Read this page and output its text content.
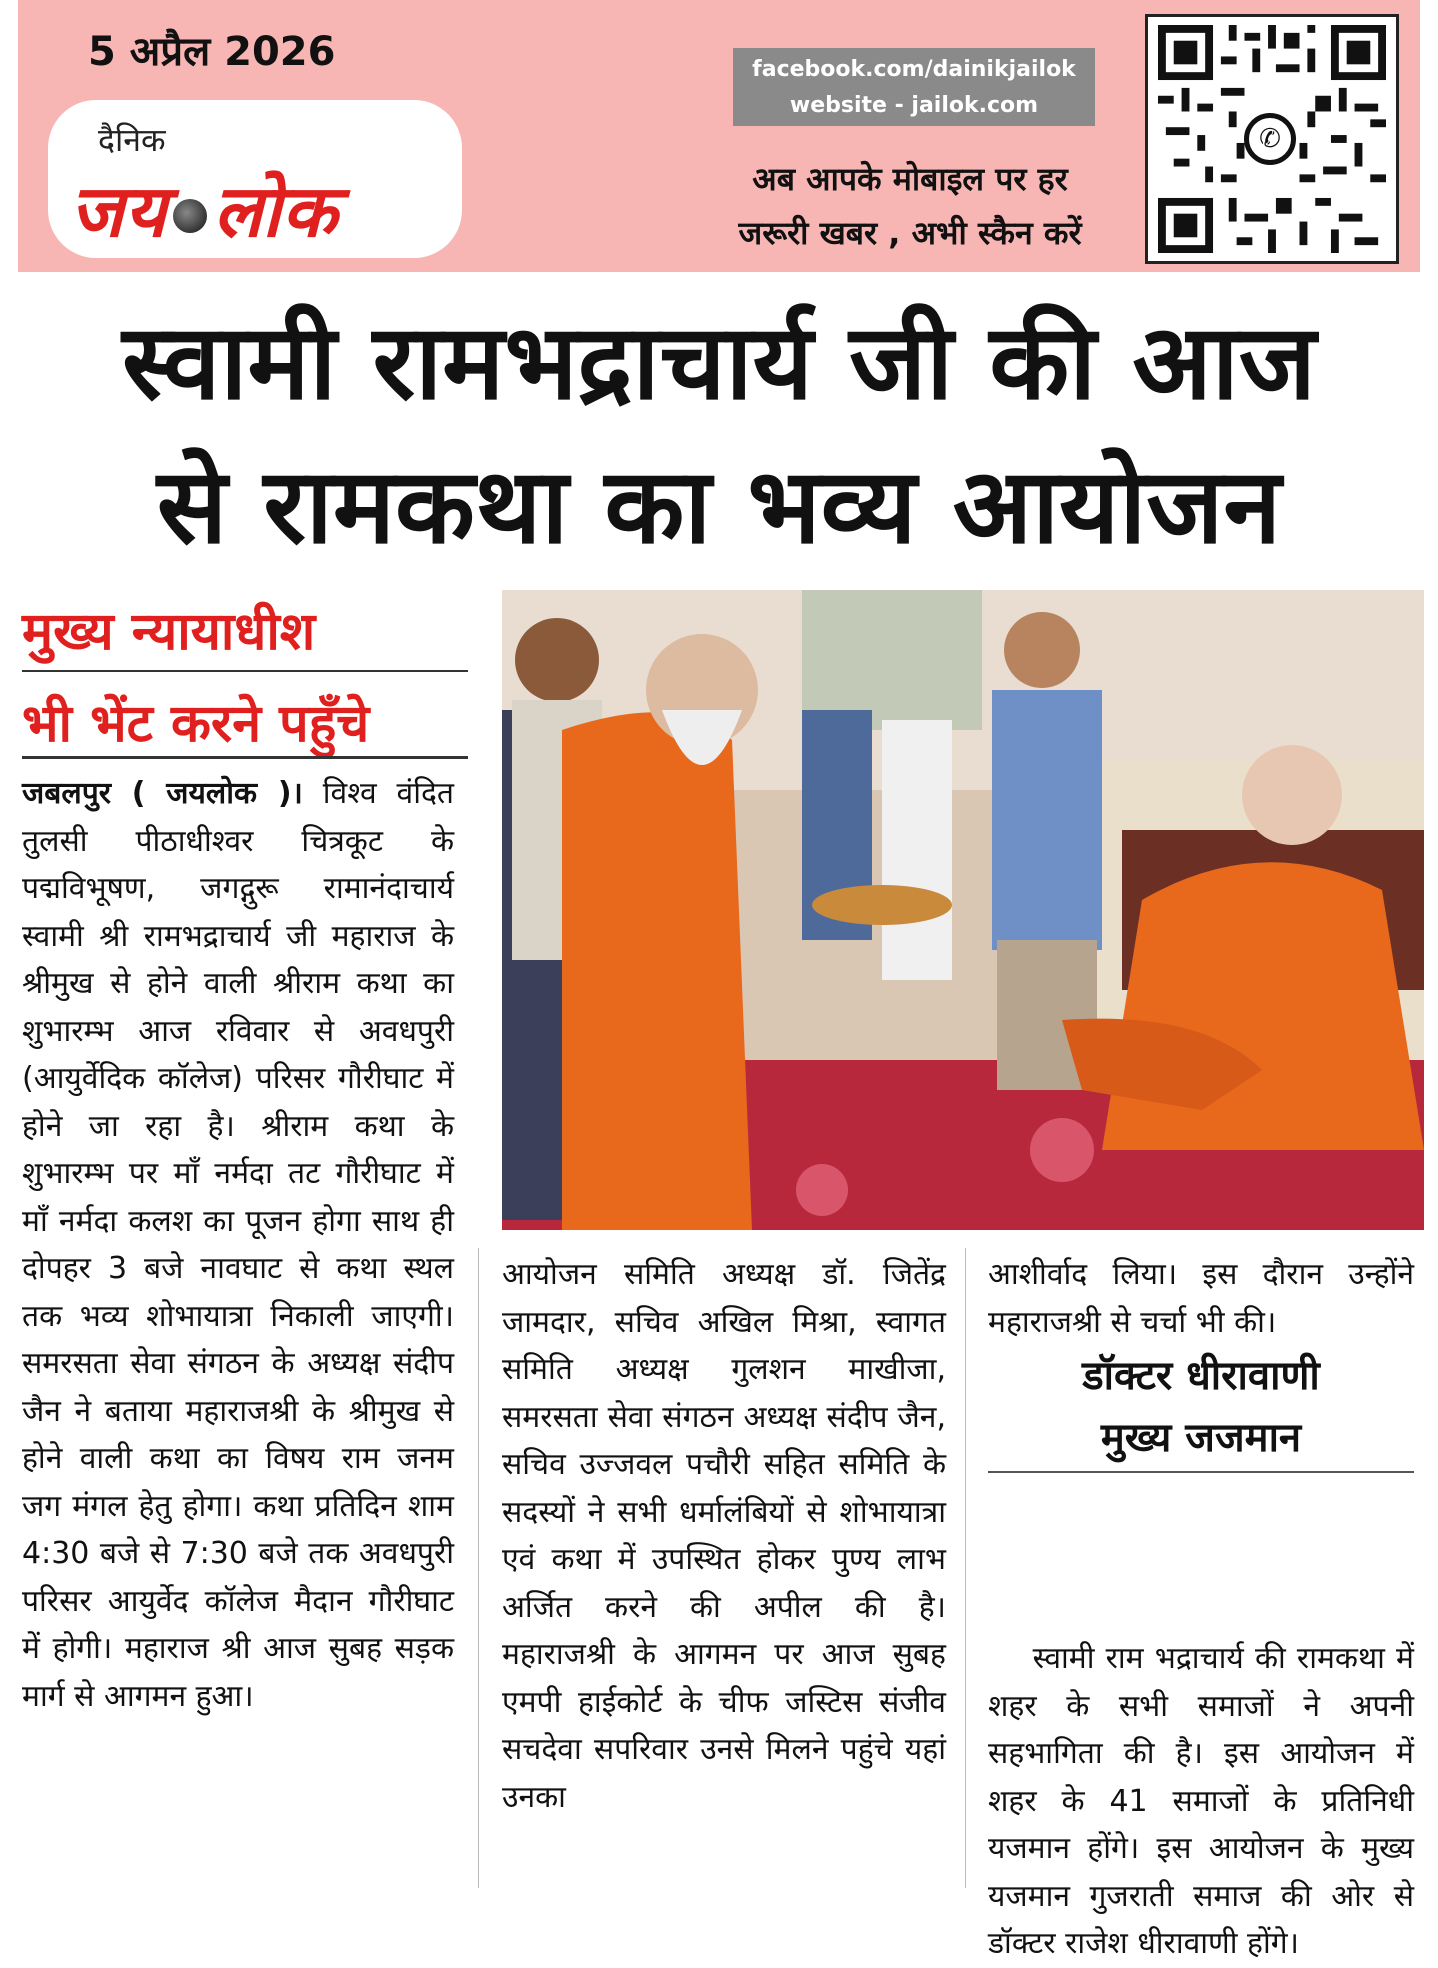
5 अप्रैल 2026
दैनिक
जय लोक
facebook.com/dainikjailok
website - jailok.com
अब आपके मोबाइल पर हर
जरूरी खबर , अभी स्कैन करें
✆
स्वामी रामभद्राचार्य जी की आज
से रामकथा का भव्य आयोजन
मुख्य न्यायाधीश
भी भेंट करने पहुँचे
जबलपुर ( जयलोक )। विश्व वंदित तुलसी पीठाधीश्वर चित्रकूट के पद्मविभूषण, जगद्गुरू रामानंदाचार्य स्वामी श्री रामभद्राचार्य जी महाराज के श्रीमुख से होने वाली श्रीराम कथा का शुभारम्भ आज रविवार से अवधपुरी (आयुर्वेदिक कॉलेज) परिसर गौरीघाट में होने जा रहा है। श्रीराम कथा के शुभारम्भ पर माँ नर्मदा तट गौरीघाट में माँ नर्मदा कलश का पूजन होगा साथ ही दोपहर 3 बजे नावघाट से कथा स्थल तक भव्य शोभायात्रा निकाली जाएगी। समरसता सेवा संगठन के अध्यक्ष संदीप जैन ने बताया महाराजश्री के श्रीमुख से होने वाली कथा का विषय राम जनम जग मंगल हेतु होगा। कथा प्रतिदिन शाम 4:30 बजे से 7:30 बजे तक अवधपुरी परिसर आयुर्वेद कॉलेज मैदान गौरीघाट में होगी। महाराज श्री आज सुबह सड़क मार्ग से आगमन हुआ।
आयोजन समिति अध्यक्ष डॉ. जितेंद्र जामदार, सचिव अखिल मिश्रा, स्वागत समिति अध्यक्ष गुलशन माखीजा, समरसता सेवा संगठन अध्यक्ष संदीप जैन, सचिव उज्जवल पचौरी सहित समिति के सदस्यों ने सभी धर्मालंबियों से शोभायात्रा एवं कथा में उपस्थित होकर पुण्य लाभ अर्जित करने की अपील की है। महाराजश्री के आगमन पर आज सुबह एमपी हाईकोर्ट के चीफ जस्टिस संजीव सचदेवा सपरिवार उनसे मिलने पहुंचे यहां उनका
आशीर्वाद लिया। इस दौरान उन्होंने महाराजश्री से चर्चा भी की।
डॉक्टर धीरावाणी
मुख्य जजमान
स्वामी राम भद्राचार्य की रामकथा में शहर के सभी समाजों ने अपनी सहभागिता की है। इस आयोजन में शहर के 41 समाजों के प्रतिनिधी यजमान होंगे। इस आयोजन के मुख्य यजमान गुजराती समाज की ओर से डॉक्टर राजेश धीरावाणी होंगे।
